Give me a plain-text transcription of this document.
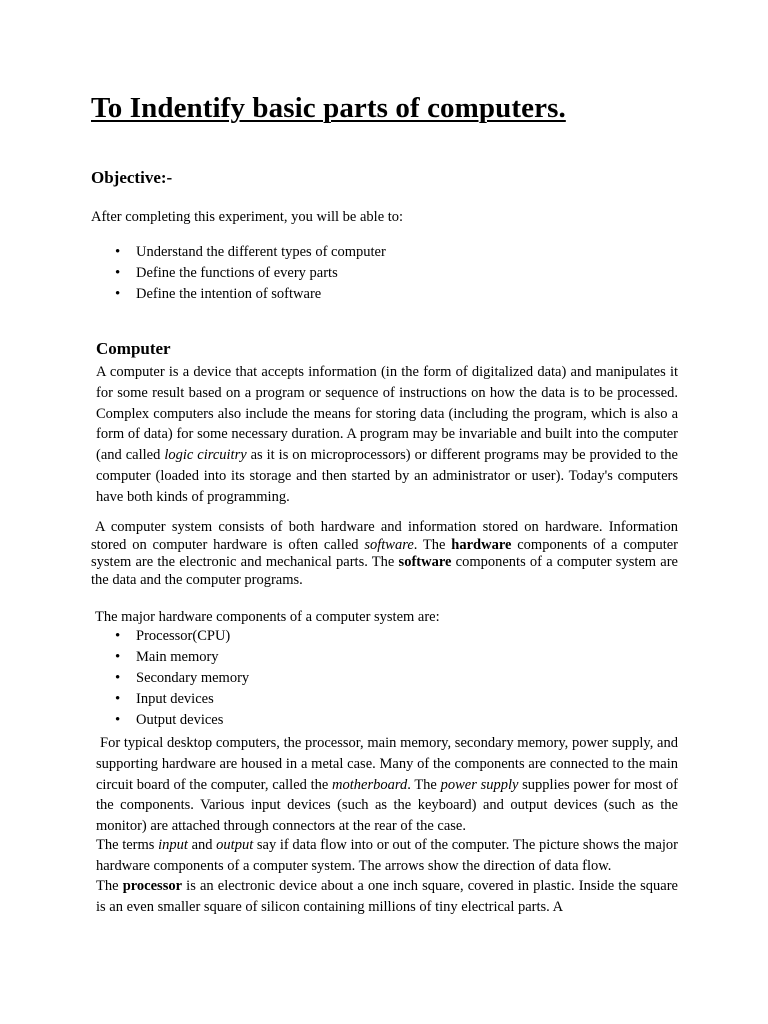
To Indentify basic parts of computers.
Objective:-

After completing this experiment, you will be able to:

• Understand the different types of computer
• Define the functions of every parts
• Define the intention of software
Computer

A computer is a device that accepts information (in the form of digitalized data) and manipulates it for some result based on a program or sequence of instructions on how the data is to be processed. Complex computers also include the means for storing data (including the program, which is also a form of data) for some necessary duration. A program may be invariable and built into the computer (and called logic circuitry as it is on microprocessors) or different programs may be provided to the computer (loaded into its storage and then started by an administrator or user). Today's computers have both kinds of programming.

A computer system consists of both hardware and information stored on hardware. Information stored on computer hardware is often called software. The hardware components of a computer system are the electronic and mechanical parts. The software components of a computer system are the data and the computer programs.

The major hardware components of a computer system are:

• Processor(CPU)
• Main memory
• Secondary memory
• Input devices
• Output devices

For typical desktop computers, the processor, main memory, secondary memory, power supply, and supporting hardware are housed in a metal case. Many of the components are connected to the main circuit board of the computer, called the motherboard. The power supply supplies power for most of the components. Various input devices (such as the keyboard) and output devices (such as the monitor) are attached through connectors at the rear of the case.

The terms input and output say if data flow into or out of the computer. The picture shows the major hardware components of a computer system. The arrows show the direction of data flow.

The processor is an electronic device about a one inch square, covered in plastic. Inside the square is an even smaller square of silicon containing millions of tiny electrical parts. A
